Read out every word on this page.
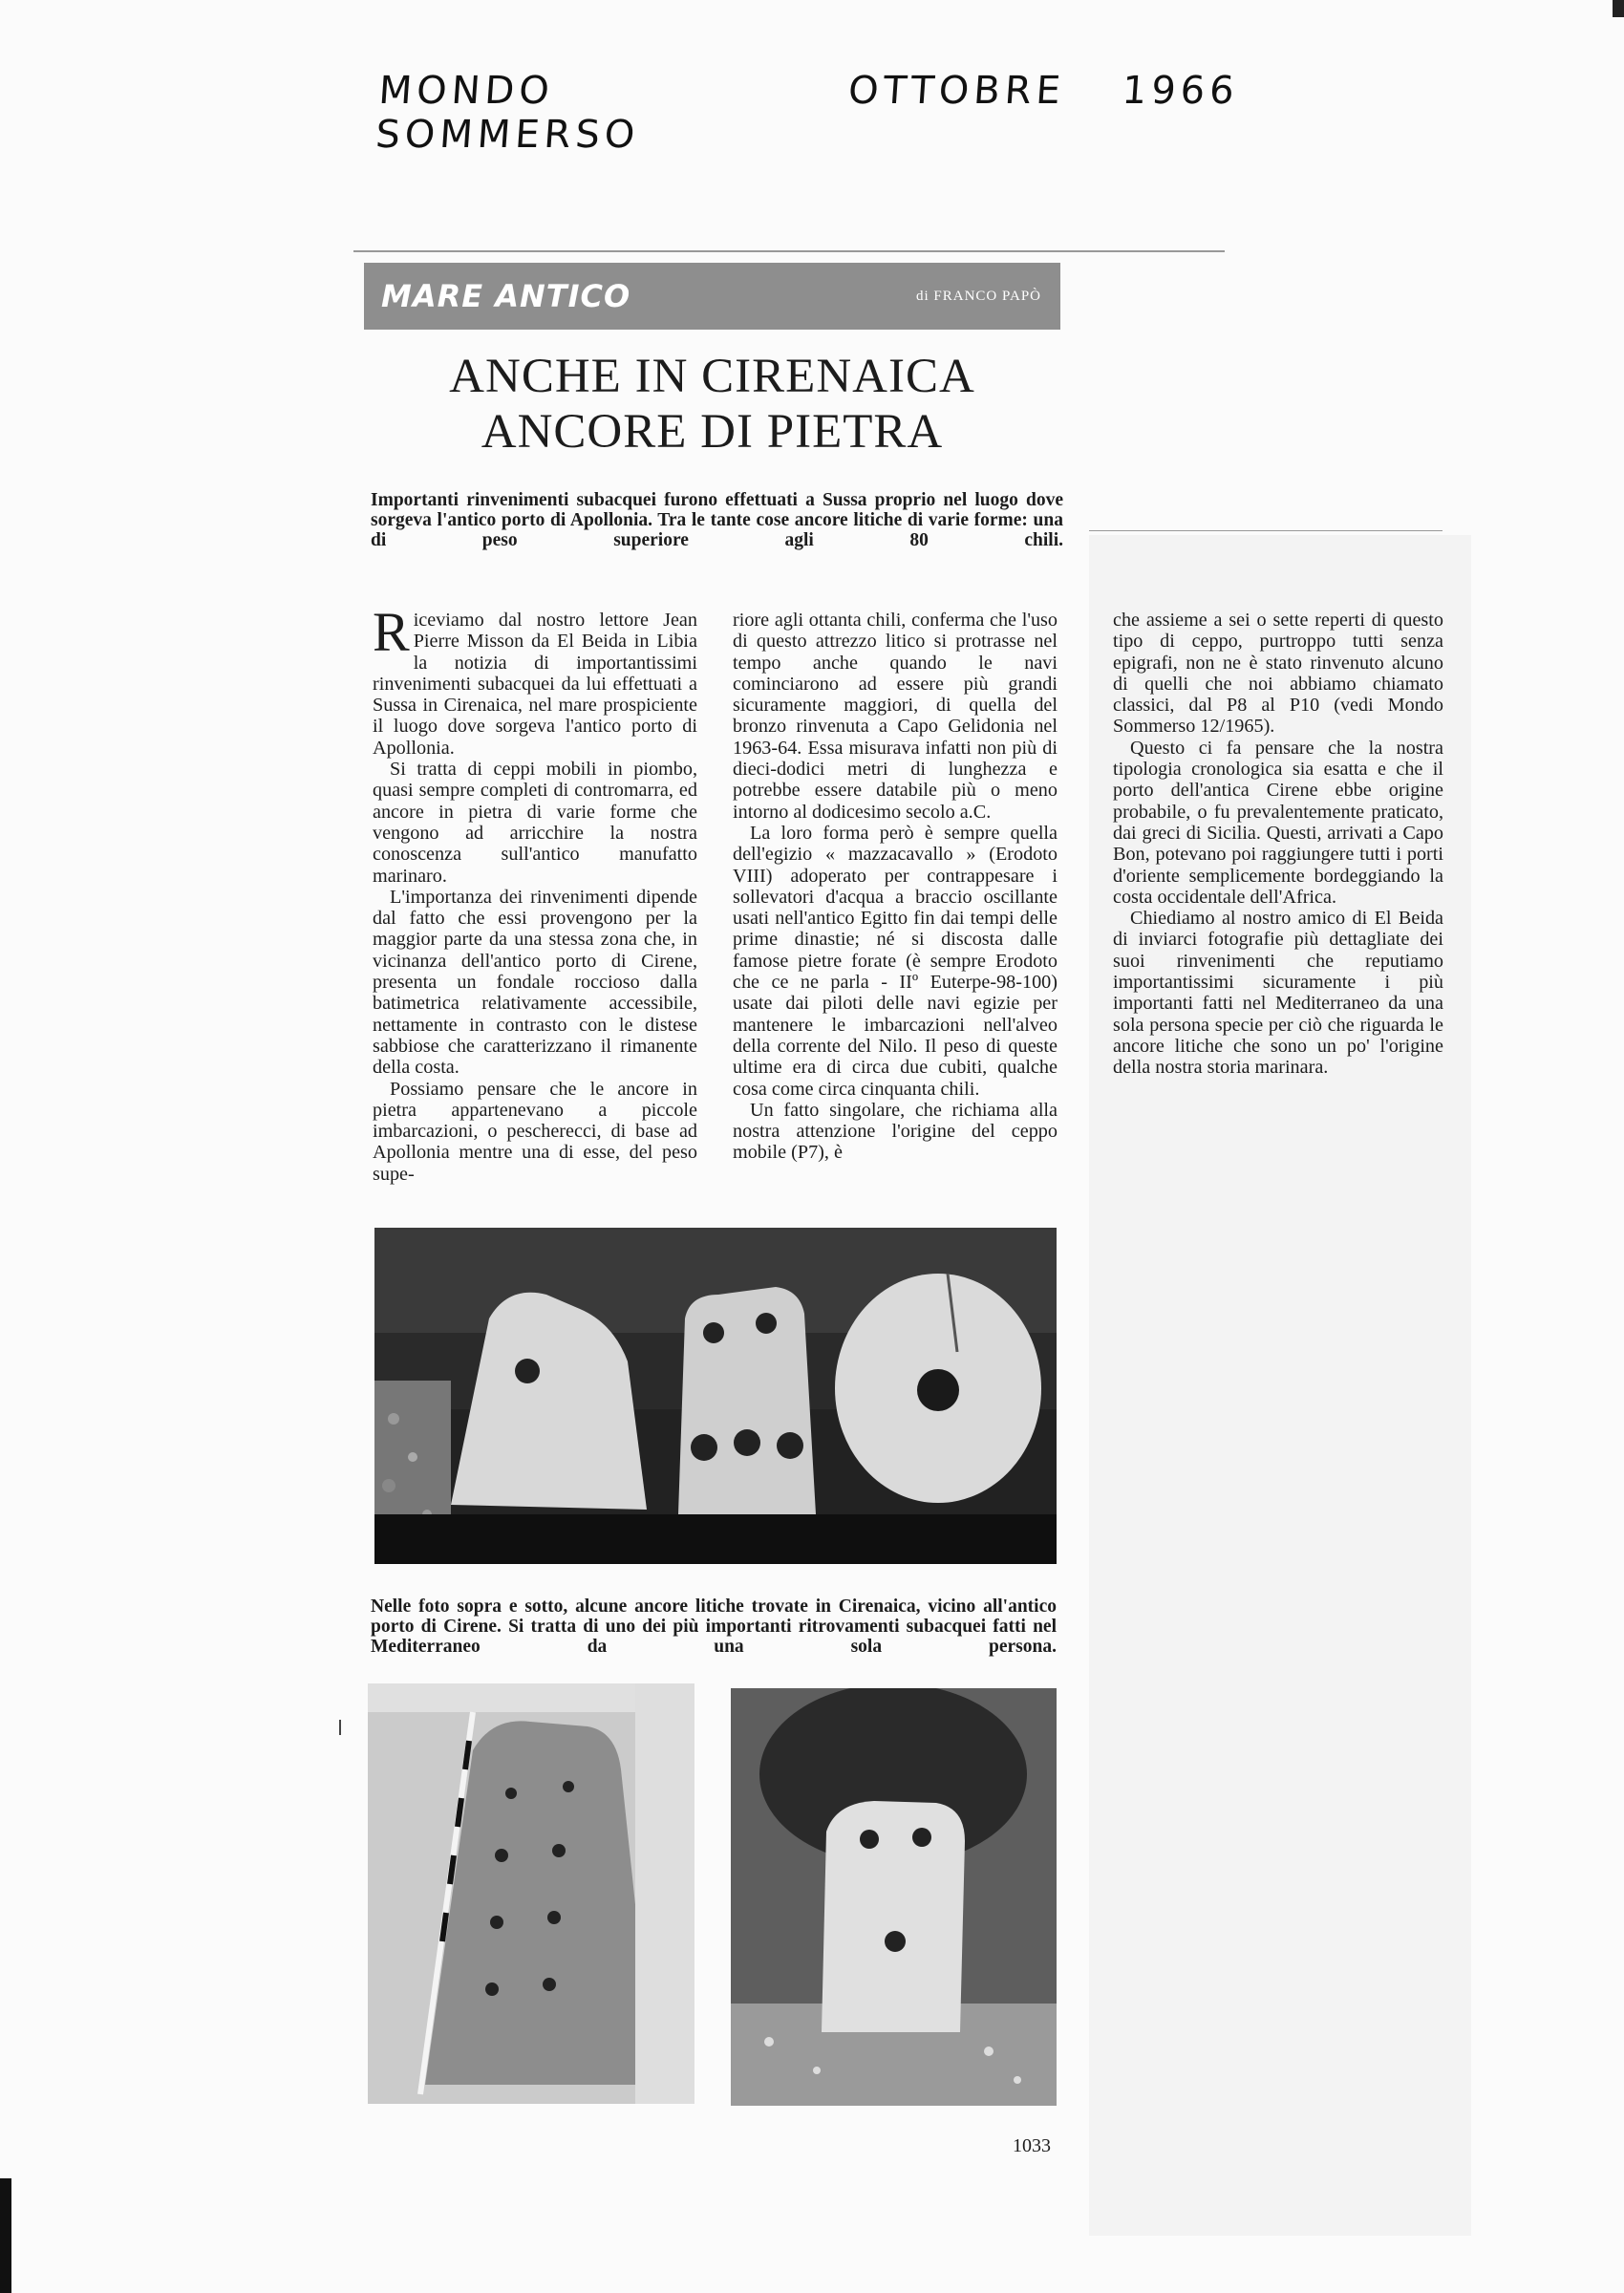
MONDO SOMMERSO
OTTOBRE 1966
MARE ANTICO	di FRANCO PAPÒ
ANCHE IN CIRENAICA
ANCORE DI PIETRA

Importanti rinvenimenti subacquei furono effettuati a Sussa proprio nel luogo dove sorgeva l'antico porto di Apollonia. Tra le tante cose ancore litiche di varie forme: una di peso superiore agli 80 chili.

Riceviamo dal nostro lettore Jean Pierre Misson da El Beida in Libia la notizia di importantissimi rinvenimenti subacquei da lui effettuati a Sussa in Cirenaica, nel mare prospiciente il luogo dove sorgeva l'antico porto di Apollonia.

Si tratta di ceppi mobili in piombo, quasi sempre completi di contromarra, ed ancore in pietra di varie forme che vengono ad arricchire la nostra conoscenza sull'antico manufatto marinaro.

L'importanza dei rinvenimenti dipende dal fatto che essi provengono per la maggior parte da una stessa zona che, in vicinanza dell'antico porto di Cirene, presenta un fondale roccioso dalla batimetrica relativamente accessibile, nettamente in contrasto con le distese sabbiose che caratterizzano il rimanente della costa.

Possiamo pensare che le ancore in pietra appartenevano a piccole imbarcazioni, o pescherecci, di base ad Apollonia mentre una di esse, del peso supe-

riore agli ottanta chili, conferma che l'uso di questo attrezzo litico si protrasse nel tempo anche quando le navi cominciarono ad essere più grandi sicuramente maggiori, di quella del bronzo rinvenuta a Capo Gelidonia nel 1963-64. Essa misurava infatti non più di dieci-dodici metri di lunghezza e potrebbe essere databile più o meno intorno al dodicesimo secolo a.C.

La loro forma però è sempre quella dell'egizio « mazzacavallo » (Erodoto VIII) adoperato per contrappesare i sollevatori d'acqua a braccio oscillante usati nell'antico Egitto fin dai tempi delle prime dinastie; né si discosta dalle famose pietre forate (è sempre Erodoto che ce ne parla - IIº Euterpe-98-100) usate dai piloti delle navi egizie per mantenere le imbarcazioni nell'alveo della corrente del Nilo. Il peso di queste ultime era di circa due cubiti, qualche cosa come circa cinquanta chili.

Un fatto singolare, che richiama alla nostra attenzione l'origine del ceppo mobile (P7), è

che assieme a sei o sette reperti di questo tipo di ceppo, purtroppo tutti senza epigrafi, non ne è stato rinvenuto alcuno di quelli che noi abbiamo chiamato classici, dal P8 al P10 (vedi Mondo Sommerso 12/1965).

Questo ci fa pensare che la nostra tipologia cronologica sia esatta e che il porto dell'antica Cirene ebbe origine probabile, o fu prevalentemente praticato, dai greci di Sicilia. Questi, arrivati a Capo Bon, potevano poi raggiungere tutti i porti d'oriente semplicemente bordeggiando la costa occidentale dell'Africa.

Chiediamo al nostro amico di El Beida di inviarci fotografie più dettagliate dei suoi rinvenimenti che reputiamo importantissimi sicuramente i più importanti fatti nel Mediterraneo da una sola persona specie per ciò che riguarda le ancore litiche che sono un po' l'origine della nostra storia marinara.

Nelle foto sopra e sotto, alcune ancore litiche trovate in Cirenaica, vicino all'antico porto di Cirene. Si tratta di uno dei più importanti ritrovamenti subacquei fatti nel Mediterraneo da una sola persona.

1033
